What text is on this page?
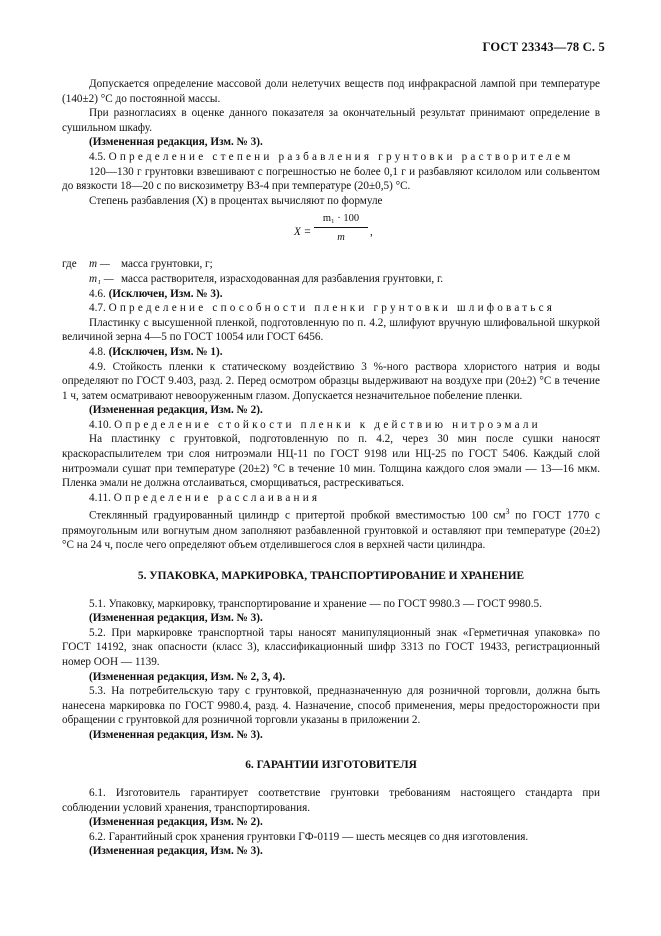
ГОСТ 23343—78 С. 5

Допускается определение массовой доли нелетучих веществ под инфракрасной лампой при температуре (140±2) °С до постоянной массы.

При разногласиях в оценке данного показателя за окончательный результат принимают определение в сушильном шкафу.

(Измененная редакция, Изм. № 3).

4.5. Определение степени разбавления грунтовки растворителем

120—130 г грунтовки взвешивают с погрешностью не более 0,1 г и разбавляют ксилолом или сольвентом до вязкости 18—20 с по вискозиметру ВЗ-4 при температуре (20±0,5) °С.

Степень разбавления (Х) в процентах вычисляют по формуле

X =
m₁ · 100
m	,
где	m — масса грунтовки, г;
m₁ — масса растворителя, израсходованная для разбавления грунтовки, г.

4.6. (Исключен, Изм. № 3).

4.7. Определение способности пленки грунтовки шлифоваться

Пластинку с высушенной пленкой, подготовленную по п. 4.2, шлифуют вручную шлифовальной шкуркой величиной зерна 4—5 по ГОСТ 10054 или ГОСТ 6456.

4.8. (Исключен, Изм. № 1).

4.9. Стойкость пленки к статическому воздействию 3 %-ного раствора хлористого натрия и воды определяют по ГОСТ 9.403, разд. 2. Перед осмотром образцы выдерживают на воздухе при (20±2) °С в течение 1 ч, затем осматривают невооруженным глазом. Допускается незначительное побеление пленки.

(Измененная редакция, Изм. № 2).

4.10. Определение стойкости пленки к действию нитроэмали

На пластинку с грунтовкой, подготовленную по п. 4.2, через 30 мин после сушки наносят краскораспылителем три слоя нитроэмали НЦ-11 по ГОСТ 9198 или НЦ-25 по ГОСТ 5406. Каждый слой нитроэмали сушат при температуре (20±2) °С в течение 10 мин. Толщина каждого слоя эмали — 13—16 мкм. Пленка эмали не должна отслаиваться, сморщиваться, растрескиваться.

4.11. Определение расслаивания

Стеклянный градуированный цилиндр с притертой пробкой вместимостью 100 $см^3$ по ГОСТ 1770 с прямоугольным или вогнутым дном заполняют разбавленной грунтовкой и оставляют при температуре (20±2) °С на 24 ч, после чего определяют объем отделившегося слоя в верхней части цилиндра.

5. УПАКОВКА, МАРКИРОВКА, ТРАНСПОРТИРОВАНИЕ И ХРАНЕНИЕ

5.1. Упаковку, маркировку, транспортирование и хранение — по ГОСТ 9980.3 — ГОСТ 9980.5.

(Измененная редакция, Изм. № 3).

5.2. При маркировке транспортной тары наносят манипуляционный знак «Герметичная упаковка» по ГОСТ 14192, знак опасности (класс 3), классификационный шифр 3313 по ГОСТ 19433, регистрационный номер ООН — 1139.

(Измененная редакция, Изм. № 2, 3, 4).

5.3. На потребительскую тару с грунтовкой, предназначенную для розничной торговли, должна быть нанесена маркировка по ГОСТ 9980.4, разд. 4. Назначение, способ применения, меры предосторожности при обращении с грунтовкой для розничной торговли указаны в приложении 2.

(Измененная редакция, Изм. № 3).

6. ГАРАНТИИ ИЗГОТОВИТЕЛЯ

6.1. Изготовитель гарантирует соответствие грунтовки требованиям настоящего стандарта при соблюдении условий хранения, транспортирования.

(Измененная редакция, Изм. № 2).

6.2. Гарантийный срок хранения грунтовки ГФ-0119 — шесть месяцев со дня изготовления.

(Измененная редакция, Изм. № 3).
